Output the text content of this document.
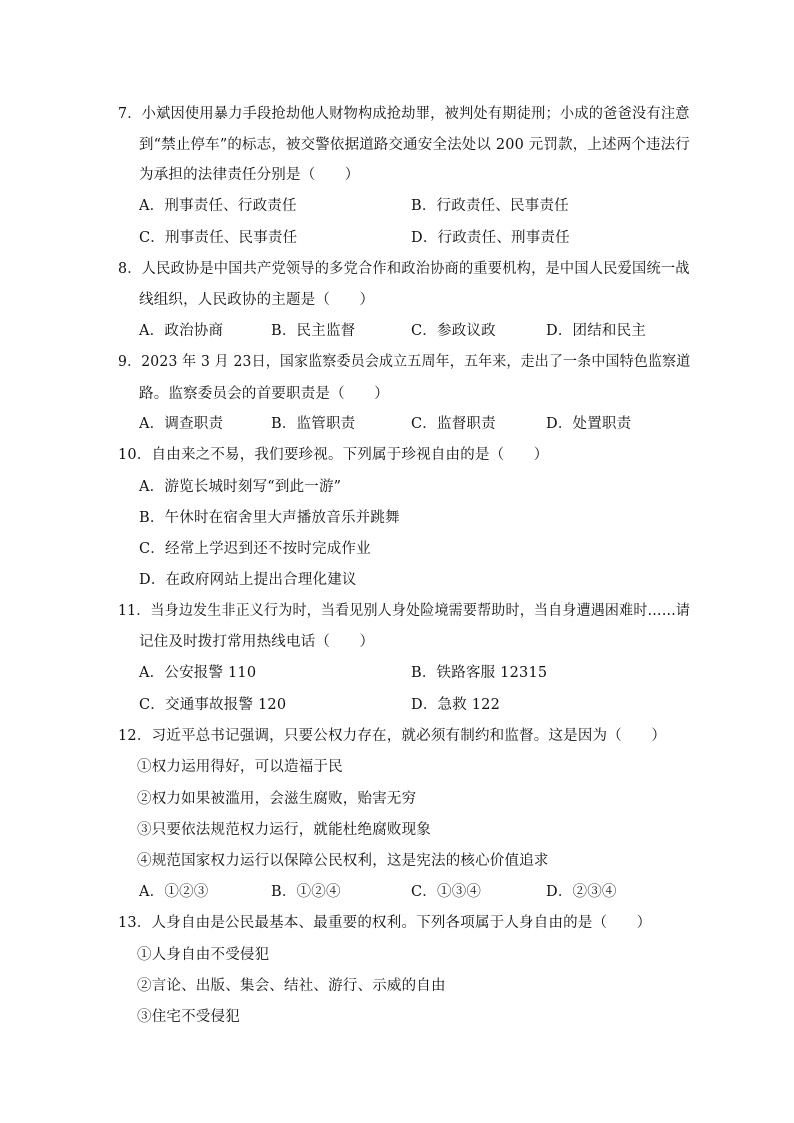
7．小斌因使用暴力手段抢劫他人财物构成抢劫罪，被判处有期徒刑；小成的爸爸没有注意
到“禁止停车”的标志，被交警依据道路交通安全法处以 200 元罚款，上述两个违法行
为承担的法律责任分别是（　　）
A．刑事责任、行政责任	B．行政责任、民事责任
C．刑事责任、民事责任	D．行政责任、刑事责任
8．人民政协是中国共产党领导的多党合作和政治协商的重要机构，是中国人民爱国统一战
线组织，人民政协的主题是（　　）
A．政治协商	B．民主监督	C．参政议政	D．团结和民主
9．2023 年 3 月 23日，国家监察委员会成立五周年，五年来，走出了一条中国特色监察道
路。监察委员会的首要职责是（　　）
A．调查职责	B．监管职责	C．监督职责	D．处置职责
10．自由来之不易，我们要珍视。下列属于珍视自由的是（　　）
A．游览长城时刻写“到此一游”
B．午休时在宿舍里大声播放音乐并跳舞
C．经常上学迟到还不按时完成作业
D．在政府网站上提出合理化建议
11．当身边发生非正义行为时，当看见别人身处险境需要帮助时，当自身遭遇困难时……请
记住及时拨打常用热线电话（　　）
A．公安报警 110	B．铁路客服 12315
C．交通事故报警 120	D．急救 122
12．习近平总书记强调，只要公权力存在，就必须有制约和监督。这是因为（　　）
①权力运用得好，可以造福于民
②权力如果被滥用，会滋生腐败，贻害无穷
③只要依法规范权力运行，就能杜绝腐败现象
④规范国家权力运行以保障公民权利，这是宪法的核心价值追求
A．①②③	B．①②④	C．①③④	D．②③④
13．人身自由是公民最基本、最重要的权利。下列各项属于人身自由的是（　　）
①人身自由不受侵犯
②言论、出版、集会、结社、游行、示威的自由
③住宅不受侵犯
